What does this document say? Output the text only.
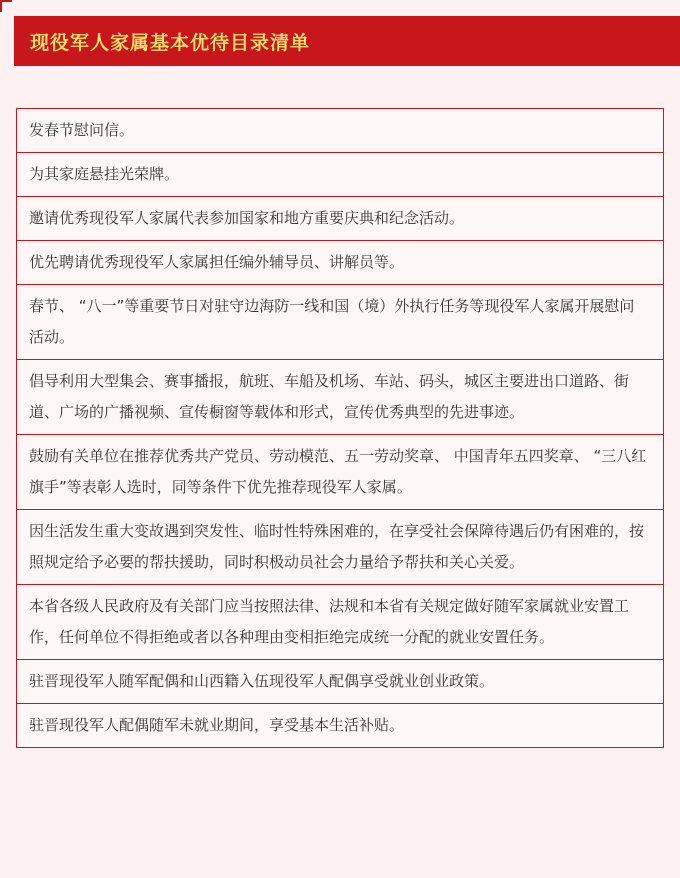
现役军人家属基本优待目录清单
发春节慰问信。
为其家庭悬挂光荣牌。
邀请优秀现役军人家属代表参加国家和地方重要庆典和纪念活动。
优先聘请优秀现役军人家属担任编外辅导员、讲解员等。
春节、 “八一”等重要节日对驻守边海防一线和国（境）外执行任务等现役军人家属开展慰问活动。
倡导利用大型集会、赛事播报，航班、车船及机场、车站、码头，城区主要进出口道路、街道、广场的广播视频、宣传橱窗等载体和形式，宣传优秀典型的先进事迹。
鼓励有关单位在推荐优秀共产党员、劳动模范、五一劳动奖章、 中国青年五四奖章、 “三八红旗手”等表彰人选时，同等条件下优先推荐现役军人家属。
因生活发生重大变故遇到突发性、临时性特殊困难的，在享受社会保障待遇后仍有困难的，按照规定给予必要的帮扶援助，同时积极动员社会力量给予帮扶和关心关爱。
本省各级人民政府及有关部门应当按照法律、法规和本省有关规定做好随军家属就业安置工作，任何单位不得拒绝或者以各种理由变相拒绝完成统一分配的就业安置任务。
驻晋现役军人随军配偶和山西籍入伍现役军人配偶享受就业创业政策。
驻晋现役军人配偶随军未就业期间，享受基本生活补贴。
